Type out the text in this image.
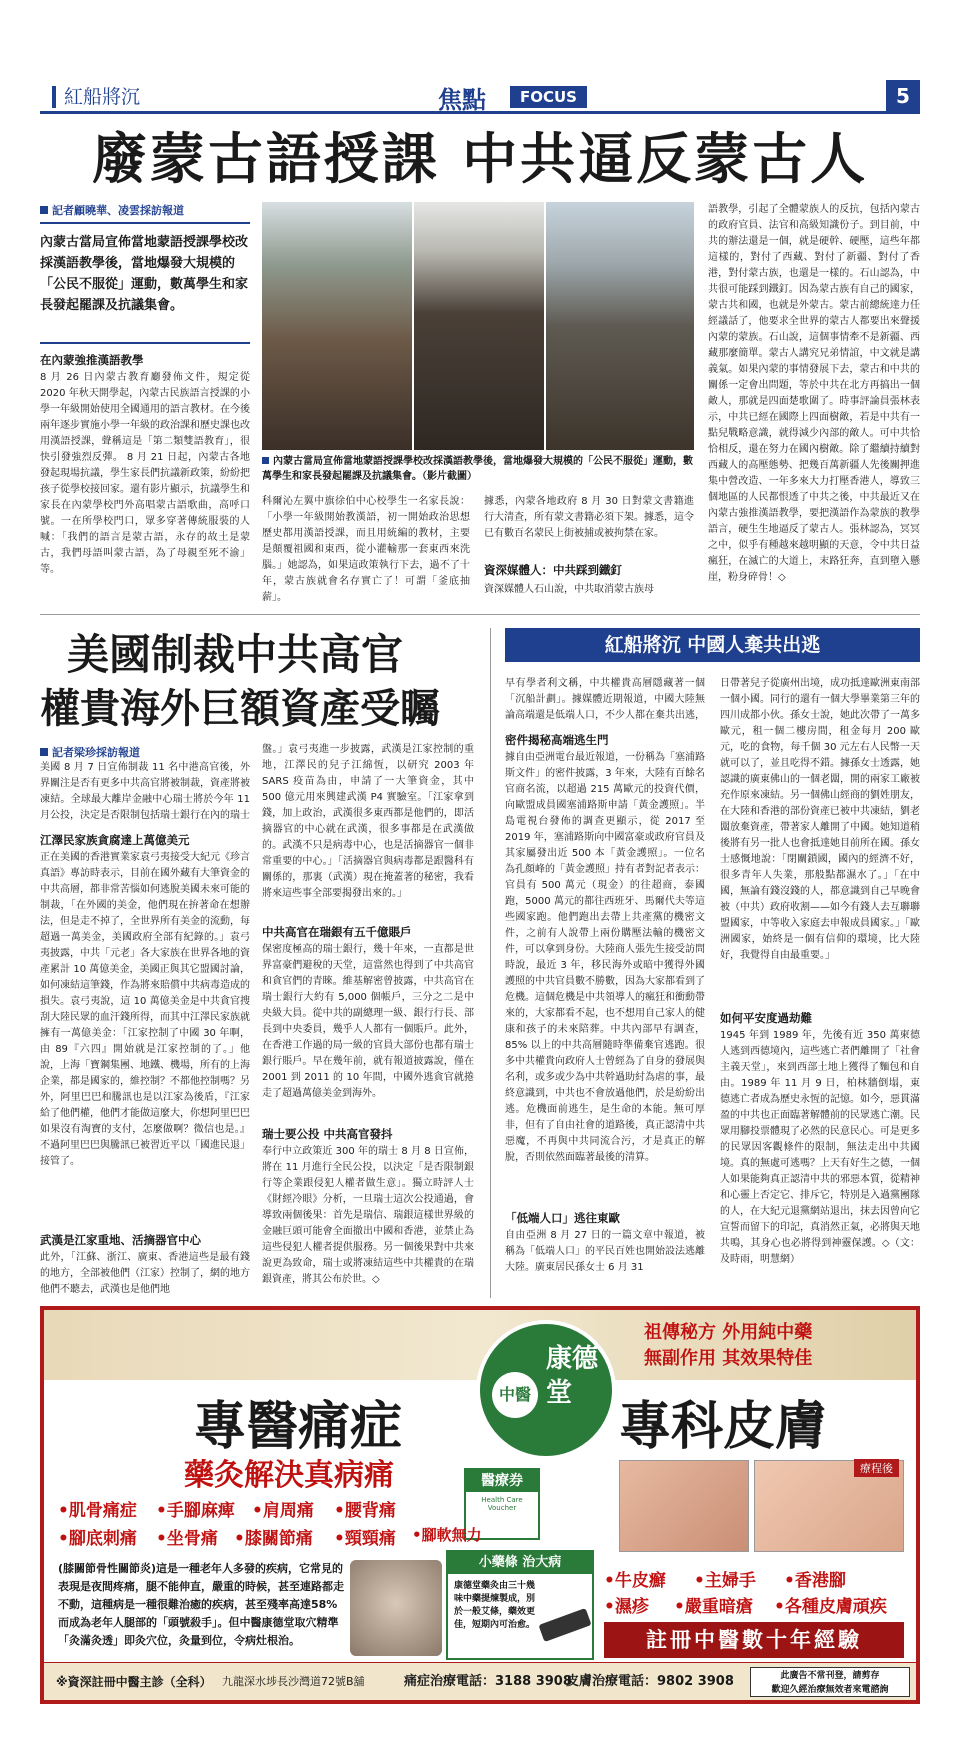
紅船將沉	焦點	FOCUS	5
廢蒙古語授課 中共逼反蒙古人
記者顧曉華、凌雲採訪報道
內蒙古當局宣佈當地蒙語授課學校改採漢語教學後，當地爆發大規模的「公民不服從」運動，數萬學生和家長發起罷課及抗議集會。
在內蒙強推漢語教學
8 月 26 日內蒙古教育廳發佈文件，規定從 2020 年秋天開學起，內蒙古民族語言授課的小學一年級開始使用全國通用的語言教材。在今後兩年逐步實施小學一年級的政治課和歷史課也改用漢語授課，聲稱這是「第二類雙語教育」，很快引發強烈反彈。 8 月 21 日起，內蒙古各地發起現場抗議，學生家長們抗議新政策，紛紛把孩子從學校接回家。還有影片顯示，抗議學生和家長在內蒙學校門外高唱蒙古語歌曲，高呼口號。一在所學校門口，眾多穿著傳統服裝的人喊：「我們的語言是蒙古語，永存的故土是蒙古，我們母語叫蒙古語，為了母親至死不渝」等。
內蒙古當局宣佈當地蒙語授課學校改採漢語教學後，當地爆發大規模的「公民不服從」運動，數萬學生和家長發起罷課及抗議集會。（影片截圖）
科爾沁左翼中旗徐伯中心校學生一名家長說：「小學一年級開始教漢語，初一開始政治思想歷史都用漢語授課，而且用統編的教材，主要是顛覆祖國和東西，從小灌輸那一套東西來洗腦。」她認為，如果這政策執行下去，過不了十年，蒙古族就會名存實亡了！可謂「釜底抽薪」。
據悉，內蒙各地政府 8 月 30 日對蒙文書籍進行大清查，所有蒙文書籍必須下架。據悉，這令已有數百名蒙民上街被捕或被拘禁在家。
資深媒體人：中共踩到鐵釘
資深媒體人石山說，中共取消蒙古族母
語教學，引起了全體蒙族人的反抗，包括內蒙古的政府官員、法官和高級知識份子。到目前，中共的辦法還是一個，就是硬幹、硬壓，這些年都這樣的，對付了西藏、對付了新疆、對付了香港，對付蒙古族，也還是一樣的。石山認為，中共很可能踩到鐵釘。因為蒙古族有自己的國家，蒙古共和國，也就是外蒙古。蒙古前總統達力任經議話了，他要求全世界的蒙古人都要出來聲援內蒙的蒙族。石山說，這個事情牽不是新疆、西藏那麼簡單。蒙古人講究兄弟情誼，中文就是講義氣。如果內蒙的事情發展下去，蒙古和中共的關係一定會出問題，等於中共在北方再搞出一個敵人，那就是四面楚歌圍了。時事評論員張林表示，中共已經在國際上四面樹敵，若是中共有一點兒戰略意識，就得減少內部的敵人。可中共恰恰相反，還在努力在國內樹敵。除了繼續持續對西藏人的高壓態勢、把幾百萬新疆人先後關押進集中營改造、一年多來大力打壓香港人，導致三個地區的人民都恨透了中共之後，中共最近又在內蒙古強推漢語教學，要把漢語作為蒙族的教學語言，硬生生地逼反了蒙古人。張林認為，冥冥之中，似乎有種越來越明顯的天意，令中共日益瘋狂，在滅亡的大道上，末路狂奔，直到墮入懸崖，粉身碎骨！◇
美國制裁中共高官
權貴海外巨額資產受矚
記者梁珍採訪報道
美國 8 月 7 日宣佈制裁 11 名中港高官後，外界關注是否有更多中共高官將被制裁，資產將被凍結。全球最大離岸金融中心瑞士將於今年 11 月公投，決定是否限制包括瑞士銀行在內的瑞士
江澤民家族貪腐達上萬億美元
正在美國的香港實業家袁弓夷接受大紀元《珍言真語》專訪時表示，目前在國外藏有大筆資金的中共高層，都非常苦惱如何逃脫美國未來可能的制裁，「在外國的美金，他們現在拚著命在想辦法，但是走不掉了，全世界所有美金的流動，每超過一萬美金，美國政府全部有紀錄的。」袁弓夷披露，中共「元老」各大家族在世界各地的資產累計 10 萬億美金，美國正與其它盟國討論，如何凍結這筆錢，作為將來賠償中共病毒造成的損失。袁弓夷說，這 10 萬億美金是中共貪官搜刮大陸民眾的血汗錢所得，而其中江澤民家族就擁有一萬億美金：「江家控制了中國 30 年啊，由 89『六四』開始就是江家控制的了。」他說，上海「寶鋼集團、地鐵、機場，所有的上海企業，都是國家的，維控制？不都他控制嗎？另外，阿里巴巴和騰訊也是以江家為後盾，『江家給了他們權，他們才能做這麼大，你想阿里巴巴如果沒有淘寶的支付，怎麼做啊？微信也是。』不過阿里巴巴與騰訊已被習近平以「國進民退」接管了。
武漢是江家重地、活摘器官中心
此外，「江蘇、浙江、廣東、香港這些是最有錢的地方，全部被他們（江家）控制了，網的地方他們不聽去，武漢也是他們地
盤。」袁弓夷進一步披露，武漢是江家控制的重地，江澤民的兒子江綿恆，以研究 2003 年 SARS 疫苗為由，申請了一大筆資金，其中 500 億元用來興建武漢 P4 實驗室。「江家拿到錢，加上政治，武漢很多東西都是他們的，即活摘器官的中心就在武漢，很多事都是在武漢做的。武漢不只是病毒中心，也是活摘器官一個非常重要的中心。」「活摘器官與病毒都是跟醫科有關係的，那裏（武漢）現在掩蓋著的秘密，我看將來這些事全部要揭發出來的。」
中共高官在瑞銀有五千億賬戶
保密度極高的瑞士銀行，幾十年來，一直都是世界富豪們避稅的天堂，這當然也得到了中共高官和貪官們的青睞。維基解密曾披露，中共高官在瑞士銀行大約有 5,000 個帳戶，三分之二是中央級大員。從中共的副總理一級、銀行行長、部長到中央委員，幾乎人人都有一個賬戶。此外，在香港工作過的局一級的官員大部份也都有瑞士銀行賬戶。早在幾年前，就有報道披露說，僅在 2001 到 2011 的 10 年間，中國外逃貪官就捲走了超過萬億美金到海外。
瑞士要公投 中共高官發抖
奉行中立政策近 300 年的瑞士 8 月 8 日宣佈，將在 11 月進行全民公投，以決定「是否限制銀行等企業跟侵犯人權者做生意」。獨立時評人士《財經冷眼》分析，一旦瑞士這次公投通過，會導致兩個後果：首先是瑞信、瑞銀這樣世界級的金融巨頭可能會全面撤出中國和香港，並禁止為這些侵犯人權者提供服務。另一個後果對中共來說更為致命，瑞士或將凍結這些中共權貴的在瑞銀資產，將其公布於世。◇
紅船將沉 中國人棄共出逃
早有學者利文稱，中共權貴高層隱藏著一個「沉船計劃」。據媒體近期報道，中國大陸無論高端還是低端人口，不少人都在棄共出逃，
密件揭秘高端逃生門
據自由亞洲電台最近報道，一份稱為「塞浦路斯文件」的密件披露，3 年來，大陸有百餘名官商名流，以超過 215 萬歐元的投資代價，向歐盟成員國塞浦路斯申請「黃金護照」。半島電視台發佈的調查更顯示，從 2017 至 2019 年，塞浦路斯向中國富豪或政府官員及其家屬發出近 500 本「黃金護照」。一位名為孔顏峰的「黃金護照」持有者對記者表示：官員有 500 萬元（現金）的往超商，泰國跑，5000 萬元的都往西班牙、馬爾代夫等這些國家跑。他們跑出去帶上共產黨的機密文件，之前有人說帶上兩份購壓法輸的機密文件，可以拿到身份。大陸商人張先生接受訪問時說，最近 3 年，移民海外或暗中獲得外國護照的中共官員數不勝數，因為大家都看到了危機。這個危機是中共領導人的瘋狂和衝動帶來的，大家都看不起，也不想用自己家人的健康和孩子的未來陪葬。中共內部早有調查，85% 以上的中共高層隨時準備棄官逃跑。很多中共權貴向政府人士曾經為了自身的發展與名利，或多或少為中共幹過助紂為虐的事，最終意識到，中共也不會放過他們，於是紛紛出逃。危機面前逃生，是生命的本能。無可厚非，但有了自由社會的道路後，真正認清中共惡魔，不再與中共同流合污，才是真正的解脫，否則依然面臨著最後的清算。
「低端人口」逃往東歐
自由亞洲 8 月 27 日的一篇文章中報道，被稱為「低端人口」的平民百姓也開始設法逃離大陸。廣東居民孫女士 6 月 31
日帶著兒子從廣州出境，成功抵達歐洲東南部一個小國。同行的還有一個大學畢業第三年的四川成都小伙。孫女士說，她此次帶了一萬多歐元，租一個二樓房間，租金每月 200 歐元，吃的食物，每千個 30 元左右人民幣一天就可以了，並且吃得不錯。據孫女士透露，她認識的廣東佛山的一個老闆，開的兩家工廠被充作原來凍結。另一個佛山經商的劉姓朋友，在大陸和香港的部份資產已被中共凍結，劉老闆放棄資產，帶著家人離開了中國。她知道稍後將有另一批人也會抵達她目前所在國。孫女士感慨地說：「閉關鎖國，國內的經濟不好，很多青年人失業，那般點都濕水了。」「在中國，無論有錢沒錢的人，都意識到自己早晚會被（中共）政府收割——如今有錢人去互聯聯盟國家，中等收入家庭去申報成員國家。」「歐洲國家，始終是一個有信仰的環境，比大陸好，我覺得自由最重要。」
如何平安度過劫難
1945 年到 1989 年，先後有近 350 萬柬德人逃到西德境內，這些逃亡者們離開了「社會主義天堂」，來到西部土地上獲得了麵包和自由。1989 年 11 月 9 日，柏林牆倒塌，東德逃亡者成為歷史永恆的記憶。如今，惡貫滿盈的中共也正面臨著解體前的民眾逃亡潮。民眾用腳投票體現了必然的民意民心。可是更多的民眾因客觀條件的限制，無法走出中共國境。真的無處可逃嗎？上天有好生之德，一個人如果能夠真正認清中共的邪惡本質，從精神和心靈上否定它、排斥它，特別是入過黨團隊的人，在大紀元退黨網站退出，抹去因曾向它宣誓而留下的印記，真消然正氣，必將與天地共鳴，其身心也必將得到神靈保護。◇（文：及時雨，明慧網）
專醫痛症
藥灸解決真病痛
中醫
康德堂
醫療券
Health Care Voucher
祖傳秘方 外用純中藥
無副作用 其效果特佳
專科皮膚
療程後
•肌骨痛症 •手腳麻痺 •肩周痛 •腰背痛
•腳底刺痛 •坐骨痛 •膝關節痛 •頸頸痛 •腳軟無力
(膝關節骨性關節炎)這是一種老年人多發的疾病，它常見的表現是夜間疼痛，腿不能伸直，嚴重的時候，甚至連路都走不動，這種病是一種很難治癒的疾病，甚至殘率高達58%而成為老年人腿部的「頭號殺手」。但中醫康德堂取穴精準「灸滿灸透」即灸穴位，灸量到位，令病灶根治。
小藥條 治大病
康德堂藥灸由三十幾味中藥提煉製成，別於一般艾條，藥效更佳，短期內可治愈。
•牛皮癬 •主婦手 •香港腳
•濕疹 •嚴重暗瘡 •各種皮膚頑疾
註冊中醫數十年經驗
※資深註冊中醫主診（全科） 九龍深水埗長沙灣道72號B舖	痛症治療電話：3188 3908
皮膚治療電話：9802 3908	此廣告不常刊登，請剪存
歡迎久經治療無效者來電諮詢
